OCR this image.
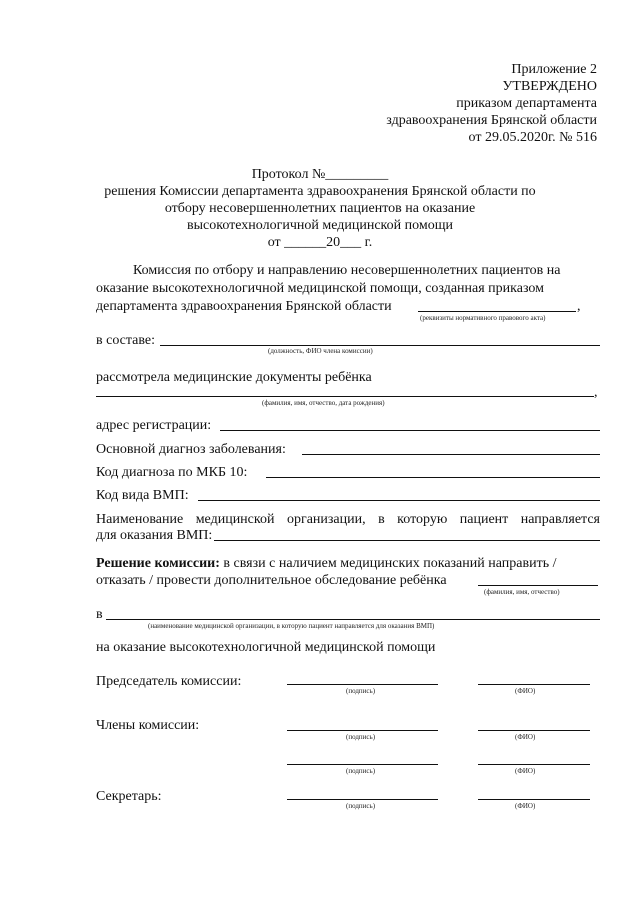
Приложение 2
УТВЕРЖДЕНО
приказом департамента
здравоохранения Брянской области
от 29.05.2020г. № 516
Протокол №_________
решения Комиссии департамента здравоохранения Брянской области по
отбору несовершеннолетних пациентов на оказание
высокотехнологичной медицинской помощи
от ______20___ г.
Комиссия по отбору и направлению несовершеннолетних пациентов на
оказание высокотехнологичной медицинской помощи, созданная приказом
департамента здравоохранения Брянской области	,
(реквизиты нормативного правового акта)
в составе:
(должность, ФИО члена комиссии)
рассмотрела медицинские документы ребёнка
,
(фамилия, имя, отчество, дата рождения)
адрес регистрации:
Основной диагноз заболевания:
Код диагноза по МКБ 10:
Код вида ВМП:
Наименование медицинской организации, в которую пациент направляется
для оказания ВМП:
Решение комиссии: в связи с наличием медицинских показаний направить /
отказать / провести дополнительное обследование ребёнка
(фамилия, имя, отчество)
в
(наименование медицинской организации, в которую пациент направляется для оказания ВМП)
на оказание высокотехнологичной медицинской помощи
Председатель комиссии:
(подпись)	(ФИО)
Члены комиссии:
(подпись)	(ФИО)
(подпись)	(ФИО)
Секретарь:
(подпись)	(ФИО)
